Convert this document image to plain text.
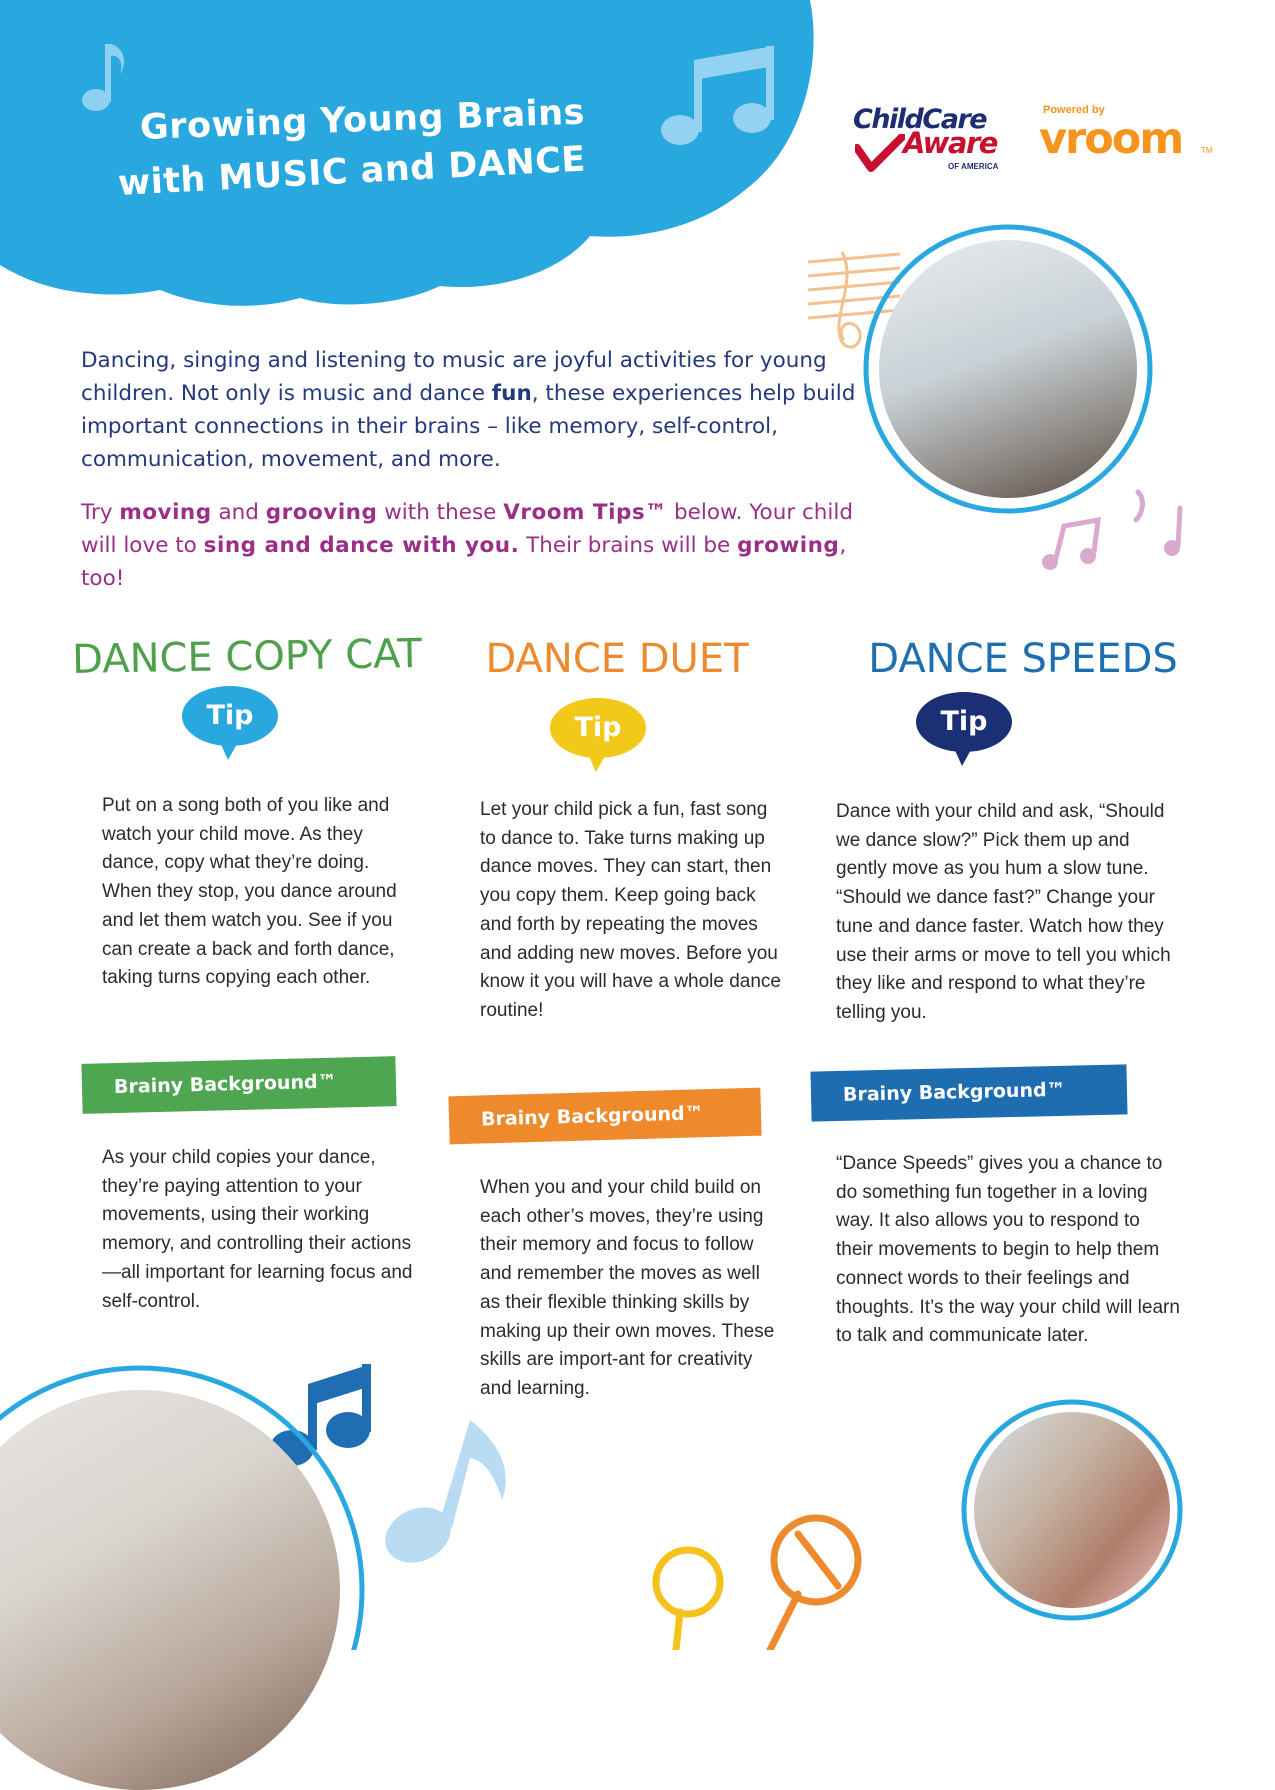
Growing Young Brains
with MUSIC and DANCE
ChildCare
Aware
OF AMERICA
Powered by
vroom TM
Dancing, singing and listening to music are joyful activities for young children. Not only is music and dance fun, these experiences help build important connections in their brains – like memory, self-control, communication, movement, and more.
Try moving and grooving with these Vroom Tips™ below. Your child will love to sing and dance with you. Their brains will be growing, too!
DANCE COPY CAT	DANCE DUET	DANCE SPEEDS
Tip	Tip	Tip
Put on a song both of you like and watch your child move. As they dance, copy what they’re doing. When they stop, you dance around and let them watch you. See if you can create a back and forth dance, taking turns copying each other.
Let your child pick a fun, fast song to dance to. Take turns making up dance moves. They can start, then you copy them. Keep going back and forth by repeating the moves and adding new moves. Before you know it you will have a whole dance routine!
Dance with your child and ask, “Should we dance slow?” Pick them up and gently move as you hum a slow tune. “Should we dance fast?” Change your tune and dance faster. Watch how they use their arms or move to tell you which they like and respond to what they’re telling you.
Brainy Background™
Brainy Background™
Brainy Background™
As your child copies your dance, they’re paying attention to your movements, using their working memory, and controlling their actions—all important for learning focus and self-control.
When you and your child build on each other’s moves, they’re using their memory and focus to follow and remember the moves as well as their flexible thinking skills by making up their own moves. These skills are import-ant for creativity and learning.
“Dance Speeds” gives you a chance to do something fun together in a loving way. It also allows you to respond to their movements to begin to help them connect words to their feelings and thoughts. It’s the way your child will learn to talk and communicate later.
